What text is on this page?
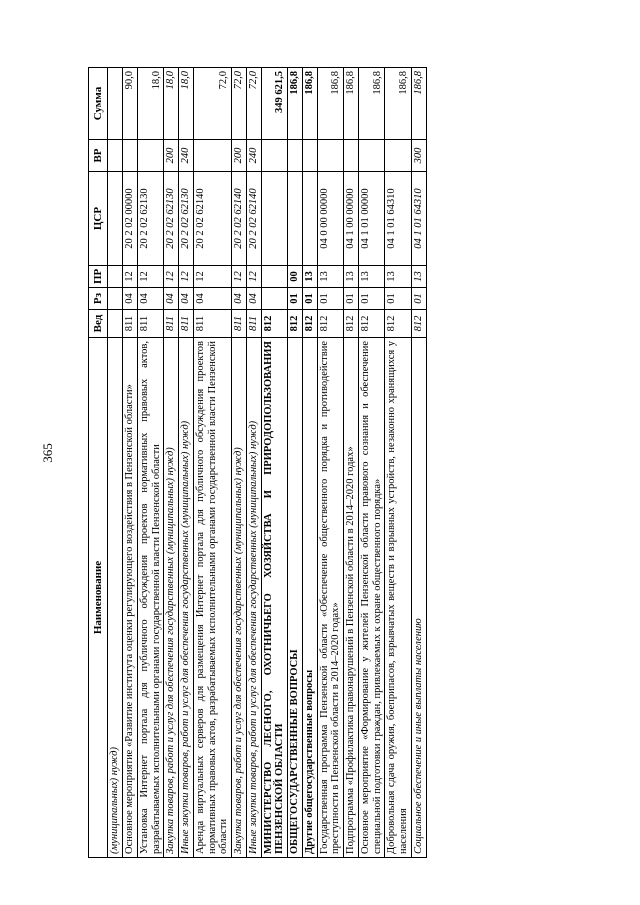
365
Наименование	Вед	Рз	ПР	ЦСР	ВР	Сумма
(муниципальных) нужд)						
Основное мероприятие «Развитие института оценки регулирующего воздействия в Пензенской области»	811	04	12	20 2 02 00000		90,0
Установка Интернет портала для публичного обсуждения проектов нормативных правовых актов, разрабатываемых исполнительными органами государственной власти Пензенской области	811	04	12	20 2 02 62130		18,0
Закупка товаров, работ и услуг для обеспечения государственных (муниципальных) нужд)	811	04	12	20 2 02 62130	200	18,0
Иные закупки товаров, работ и услуг для обеспечения государственных (муниципальных) нужд)	811	04	12	20 2 02 62130	240	18,0
Аренда виртуальных серверов для размещения Интернет портала для публичного обсуждения проектов нормативных правовых актов, разрабатываемых исполнительными органами государственной власти Пензенской области	811	04	12	20 2 02 62140		72,0
Закупка товаров, работ и услуг для обеспечения государственных (муниципальных) нужд)	811	04	12	20 2 02 62140	200	72,0
Иные закупки товаров, работ и услуг для обеспечения государственных (муниципальных) нужд)	811	04	12	20 2 02 62140	240	72,0
МИНИСТЕРСТВО ЛЕСНОГО, ОХОТНИЧЬЕГО ХОЗЯЙСТВА И ПРИРОДОПОЛЬЗОВАНИЯ ПЕНЗЕНСКОЙ ОБЛАСТИ	812					349 621,5
ОБЩЕГОСУДАРСТВЕННЫЕ ВОПРОСЫ	812	01	00			186,8
Другие общегосударственные вопросы	812	01	13			186,8
Государственная программа Пензенской области «Обеспечение общественного порядка и противодействие преступности в Пензенской области в 2014–2020 годах»	812	01	13	04 0 00 00000		186,8
Подпрограмма «Профилактика правонарушений в Пензенской области в 2014–2020 годах»	812	01	13	04 1 00 00000		186,8
Основное мероприятие «Формирование у жителей Пензенской области правового сознания и обеспечение специальной подготовки граждан, привлекаемых к охране общественного порядка»	812	01	13	04 1 01 00000		186,8
Добровольная сдача оружия, боеприпасов, взрывчатых веществ и взрывных устройств, незаконно хранящихся у населения	812	01	13	04 1 01 64310		186,8
Социальное обеспечение и иные выплаты населению	812	01	13	04 1 01 64310	300	186,8
